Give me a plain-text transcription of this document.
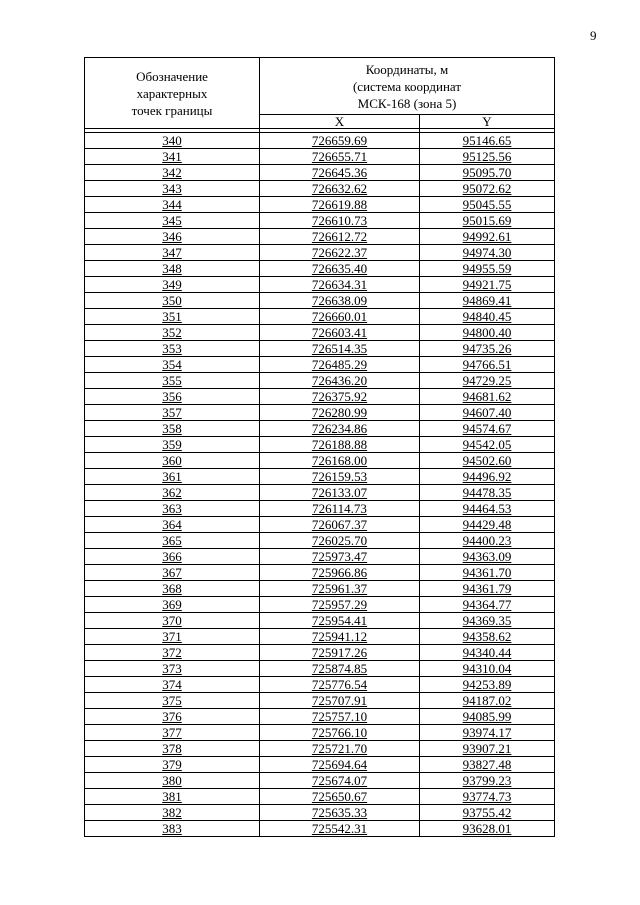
9
Обозначение
характерных
точек границы	Координаты, м
(система координат
МСК-168 (зона 5)	

	X	Y

340	726659.69	95146.65
341	726655.71	95125.56
342	726645.36	95095.70
343	726632.62	95072.62
344	726619.88	95045.55
345	726610.73	95015.69
346	726612.72	94992.61
347	726622.37	94974.30
348	726635.40	94955.59
349	726634.31	94921.75
350	726638.09	94869.41
351	726660.01	94840.45
352	726603.41	94800.40
353	726514.35	94735.26
354	726485.29	94766.51
355	726436.20	94729.25
356	726375.92	94681.62
357	726280.99	94607.40
358	726234.86	94574.67
359	726188.88	94542.05
360	726168.00	94502.60
361	726159.53	94496.92
362	726133.07	94478.35
363	726114.73	94464.53
364	726067.37	94429.48
365	726025.70	94400.23
366	725973.47	94363.09
367	725966.86	94361.70
368	725961.37	94361.79
369	725957.29	94364.77
370	725954.41	94369.35
371	725941.12	94358.62
372	725917.26	94340.44
373	725874.85	94310.04
374	725776.54	94253.89
375	725707.91	94187.02
376	725757.10	94085.99
377	725766.10	93974.17
378	725721.70	93907.21
379	725694.64	93827.48
380	725674.07	93799.23
381	725650.67	93774.73
382	725635.33	93755.42
383	725542.31	93628.01
